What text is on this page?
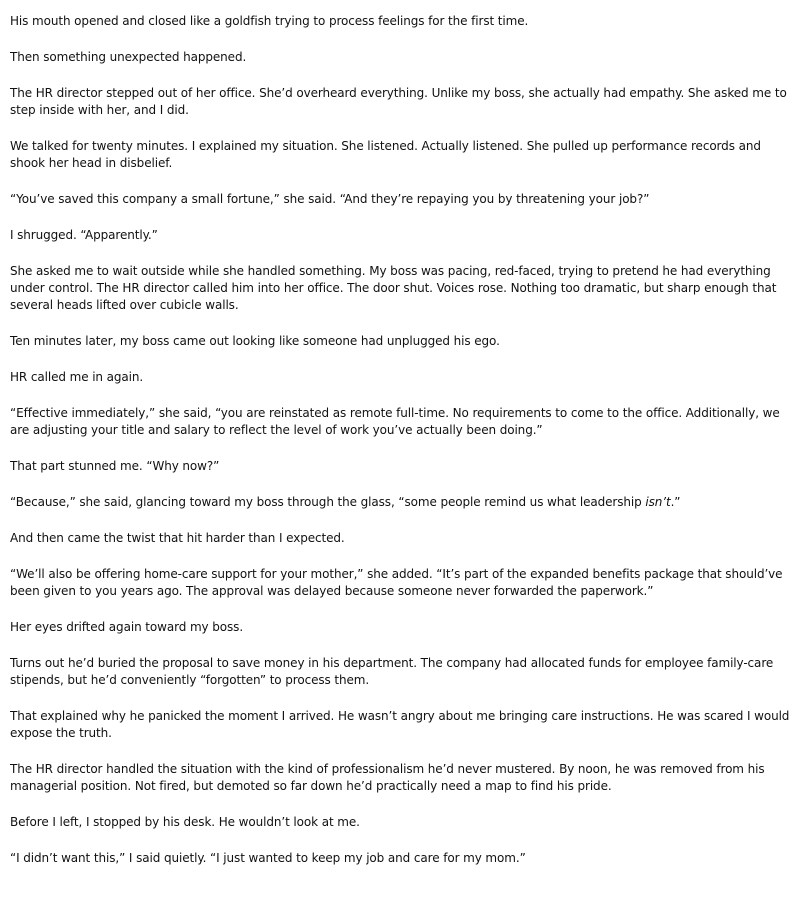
His mouth opened and closed like a goldfish trying to process feelings for the first time.

Then something unexpected happened.

The HR director stepped out of her office. She’d overheard everything. Unlike my boss, she actually had empathy. She asked me to step inside with her, and I did.

We talked for twenty minutes. I explained my situation. She listened. Actually listened. She pulled up performance records and shook her head in disbelief.

“You’ve saved this company a small fortune,” she said. “And they’re repaying you by threatening your job?”

I shrugged. “Apparently.”

She asked me to wait outside while she handled something. My boss was pacing, red-faced, trying to pretend he had everything under control. The HR director called him into her office. The door shut. Voices rose. Nothing too dramatic, but sharp enough that several heads lifted over cubicle walls.

Ten minutes later, my boss came out looking like someone had unplugged his ego.

HR called me in again.

“Effective immediately,” she said, “you are reinstated as remote full-time. No requirements to come to the office. Additionally, we are adjusting your title and salary to reflect the level of work you’ve actually been doing.”

That part stunned me. “Why now?”

“Because,” she said, glancing toward my boss through the glass, “some people remind us what leadership isn’t.”

And then came the twist that hit harder than I expected.

“We’ll also be offering home-care support for your mother,” she added. “It’s part of the expanded benefits package that should’ve been given to you years ago. The approval was delayed because someone never forwarded the paperwork.”

Her eyes drifted again toward my boss.

Turns out he’d buried the proposal to save money in his department. The company had allocated funds for employee family-care stipends, but he’d conveniently “forgotten” to process them.

That explained why he panicked the moment I arrived. He wasn’t angry about me bringing care instructions. He was scared I would expose the truth.

The HR director handled the situation with the kind of professionalism he’d never mustered. By noon, he was removed from his managerial position. Not fired, but demoted so far down he’d practically need a map to find his pride.

Before I left, I stopped by his desk. He wouldn’t look at me.

“I didn’t want this,” I said quietly. “I just wanted to keep my job and care for my mom.”
